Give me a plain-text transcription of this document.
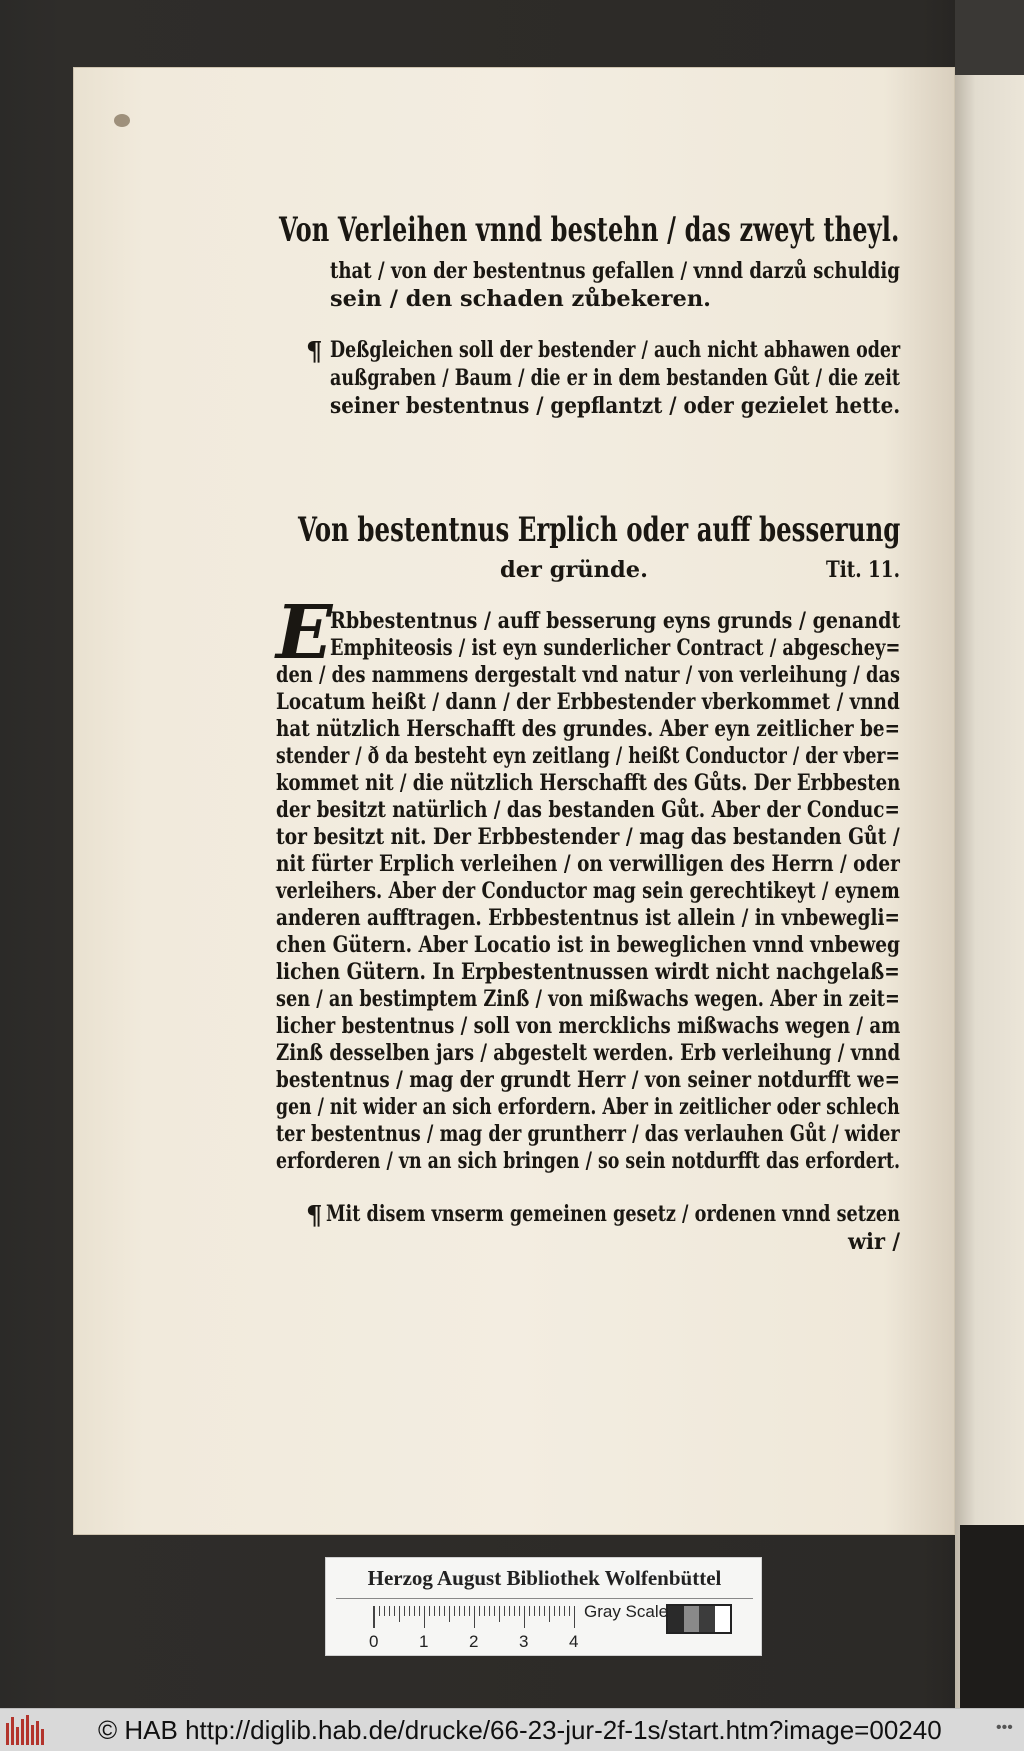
Von Verleihen vnnd bestehn / das zweyt theyl.
that / von der bestentnus gefallen / vnnd darzů schuldig
sein / den schaden zůbekeren.
¶ Deßgleichen soll der bestender / auch nicht abhawen oder
außgraben / Baum / die er in dem bestanden Gůt / die zeit
seiner bestentnus / gepflantzt / oder gezielet hette.
Von bestentnus Erplich oder auff besserung
der gründe.	Tit. 11.
E
Rbbestentnus / auff besserung eyns grunds / genandt
Emphiteosis / ist eyn sunderlicher Contract / abgeschey=
den / des nammens dergestalt vnd natur / von verleihung / das
Locatum heißt / dann / der Erbbestender vberkommet / vnnd
hat nützlich Herschafft des grundes. Aber eyn zeitlicher be=
stender / ð da besteht eyn zeitlang / heißt Conductor / der vber=
kommet nit / die nützlich Herschafft des Gůts. Der Erbbesten
der besitzt natürlich / das bestanden Gůt. Aber der Conduc=
tor besitzt nit. Der Erbbestender / mag das bestanden Gůt /
nit fürter Erplich verleihen / on verwilligen des Herrn / oder
verleihers. Aber der Conductor mag sein gerechtikeyt / eynem
anderen aufftragen. Erbbestentnus ist allein / in vnbewegli=
chen Gütern. Aber Locatio ist in beweglichen vnnd vnbeweg
lichen Gütern. In Erpbestentnussen wirdt nicht nachgelaß=
sen / an bestimptem Zinß / von mißwachs wegen. Aber in zeit=
licher bestentnus / soll von mercklichs mißwachs wegen / am
Zinß desselben jars / abgestelt werden. Erb verleihung / vnnd
bestentnus / mag der grundt Herr / von seiner notdurfft we=
gen / nit wider an sich erfordern. Aber in zeitlicher oder schlech
ter bestentnus / mag der gruntherr / das verlauhen Gůt / wider
erforderen / vn an sich bringen / so sein notdurfft das erfordert.
¶ Mit disem vnserm gemeinen gesetz / ordenen vnnd setzen
wir /
Herzog August Bibliothek Wolfenbüttel
0 1 2 3 4
Gray Scale
© HAB http://diglib.hab.de/drucke/66-23-jur-2f-1s/start.htm?image=00240	•••
